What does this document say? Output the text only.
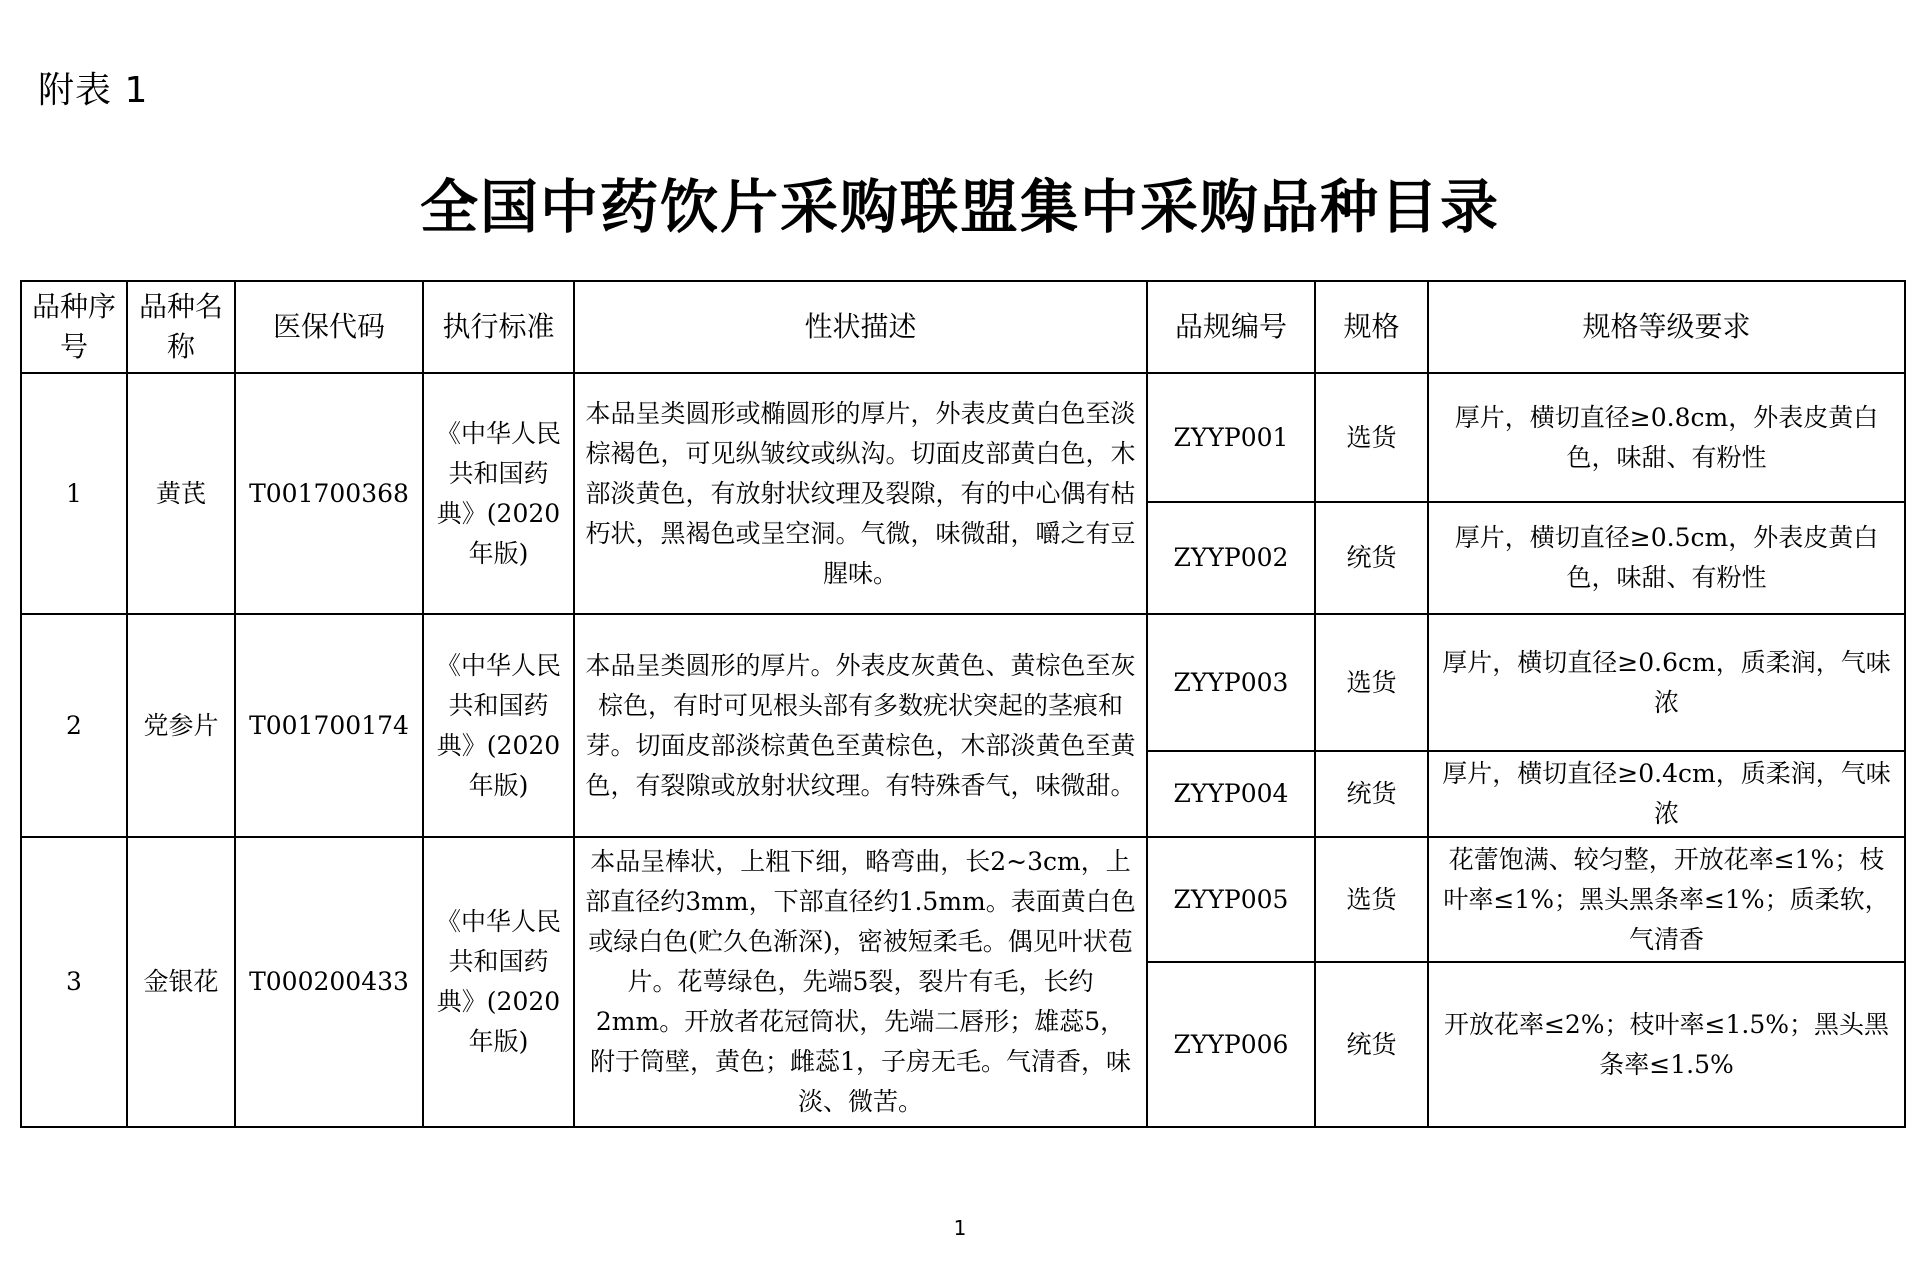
附表 1
全国中药饮片采购联盟集中采购品种目录
品种序号	品种名称	医保代码	执行标准	性状描述	品规编号	规格	规格等级要求
1	黄芪	T001700368	《中华人民共和国药典》(2020年版)	本品呈类圆形或椭圆形的厚片，外表皮黄白色至淡棕褐色，可见纵皱纹或纵沟。切面皮部黄白色，木部淡黄色，有放射状纹理及裂隙，有的中心偶有枯朽状，黑褐色或呈空洞。气微，味微甜，嚼之有豆腥味。	ZYYP001	选货	厚片，横切直径≥0.8cm，外表皮黄白色，味甜、有粉性
					ZYYP002	统货	厚片，横切直径≥0.5cm，外表皮黄白色，味甜、有粉性
2	党参片	T001700174	《中华人民共和国药典》(2020年版)	本品呈类圆形的厚片。外表皮灰黄色、黄棕色至灰棕色，有时可见根头部有多数疣状突起的茎痕和芽。切面皮部淡棕黄色至黄棕色，木部淡黄色至黄色，有裂隙或放射状纹理。有特殊香气，味微甜。	ZYYP003	选货	厚片，横切直径≥0.6cm，质柔润，气味浓
					ZYYP004	统货	厚片，横切直径≥0.4cm，质柔润，气味浓
3	金银花	T000200433	《中华人民共和国药典》(2020年版)	本品呈棒状，上粗下细，略弯曲，长2~3cm，上部直径约3mm，下部直径约1.5mm。表面黄白色或绿白色(贮久色渐深)，密被短柔毛。偶见叶状苞片。花萼绿色，先端5裂，裂片有毛，长约2mm。开放者花冠筒状，先端二唇形；雄蕊5，附于筒壁，黄色；雌蕊1，子房无毛。气清香，味淡、微苦。	ZYYP005	选货	花蕾饱满、较匀整，开放花率≤1%；枝叶率≤1%；黑头黑条率≤1%；质柔软，气清香
					ZYYP006	统货	开放花率≤2%；枝叶率≤1.5%；黑头黑条率≤1.5%
1
